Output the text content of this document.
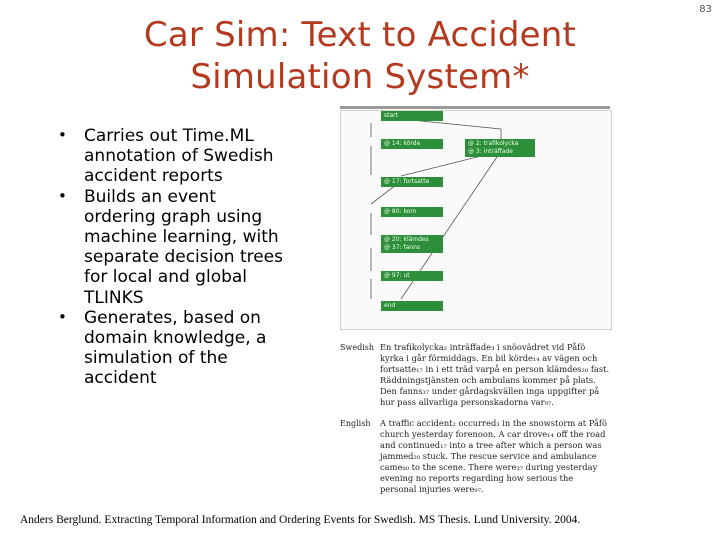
83
Car Sim: Text to Accident
Simulation System*
• Carries out Time.ML annotation of Swedish accident reports
• Builds an event ordering graph using machine learning, with separate decision trees for local and global TLINKS
• Generates, based on domain knowledge, a simulation of the accident
start
@ 14: körde	@ 2: trafikolycka
@ 3: inträffade
@ 17: fortsatte
@ 80: kom
@ 20: klämdes
@ 37: fanns
@ 97: ut
end
Swedish En trafikolycka₂ inträffade₃ i snöovädret vid Påfö kyrka i går förmiddags. En bil körde₁₄ av vägen och fortsatte₁₇ in i ett träd varpå en person klämdes₂₀ fast. Räddningstjänsten och ambulans kommer på plats. Den fanns₃₇ under gårdagskvällen inga uppgifter på hur pass allvarliga personskadorna var₉₇.
English	A traffic accident₂ occurred₃ in the snowstorm at Påfö church yesterday forenoon. A car drove₁₄ off the road and continued₁₇ into a tree after which a person was jammed₂₀ stuck. The rescue service and ambulance came₈₀ to the scene. There were₃₇ during yesterday evening no reports regarding how serious the personal injuries were₉₇.
Anders Berglund. Extracting Temporal Information and Ordering Events for Swedish. MS Thesis. Lund University. 2004.
